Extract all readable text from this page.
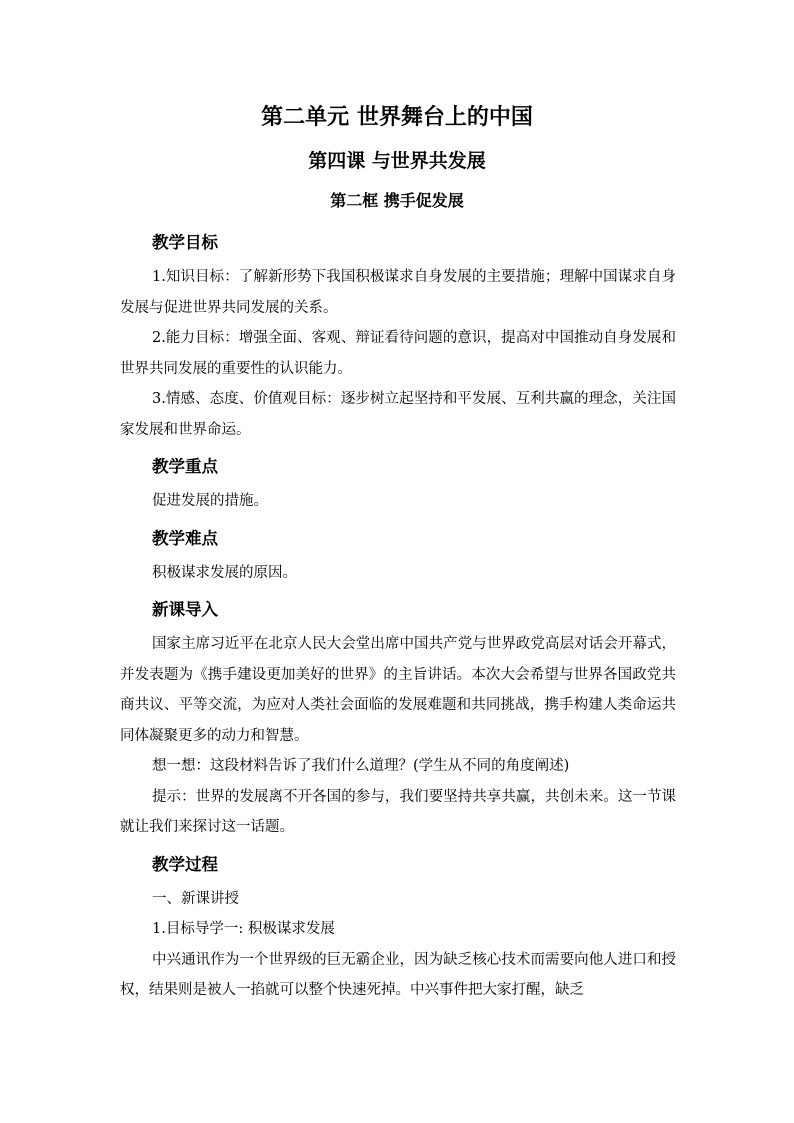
第二单元 世界舞台上的中国
第四课 与世界共发展
第二框 携手促发展
教学目标

1.知识目标：了解新形势下我国积极谋求自身发展的主要措施；理解中国谋求自身发展与促进世界共同发展的关系。

2.能力目标：增强全面、客观、辩证看待问题的意识，提高对中国推动自身发展和世界共同发展的重要性的认识能力。

3.情感、态度、价值观目标：逐步树立起坚持和平发展、互利共赢的理念，关注国家发展和世界命运。

教学重点

促进发展的措施。

教学难点

积极谋求发展的原因。

新课导入

国家主席习近平在北京人民大会堂出席中国共产党与世界政党高层对话会开幕式，并发表题为《携手建设更加美好的世界》的主旨讲话。本次大会希望与世界各国政党共商共议、平等交流，为应对人类社会面临的发展难题和共同挑战，携手构建人类命运共同体凝聚更多的动力和智慧。

想一想：这段材料告诉了我们什么道理？(学生从不同的角度阐述)

提示：世界的发展离不开各国的参与，我们要坚持共享共赢，共创未来。这一节课就让我们来探讨这一话题。

教学过程

一、新课讲授

1.目标导学一: 积极谋求发展

中兴通讯作为一个世界级的巨无霸企业，因为缺乏核心技术而需要向他人进口和授权，结果则是被人一掐就可以整个快速死掉。中兴事件把大家打醒，缺乏
